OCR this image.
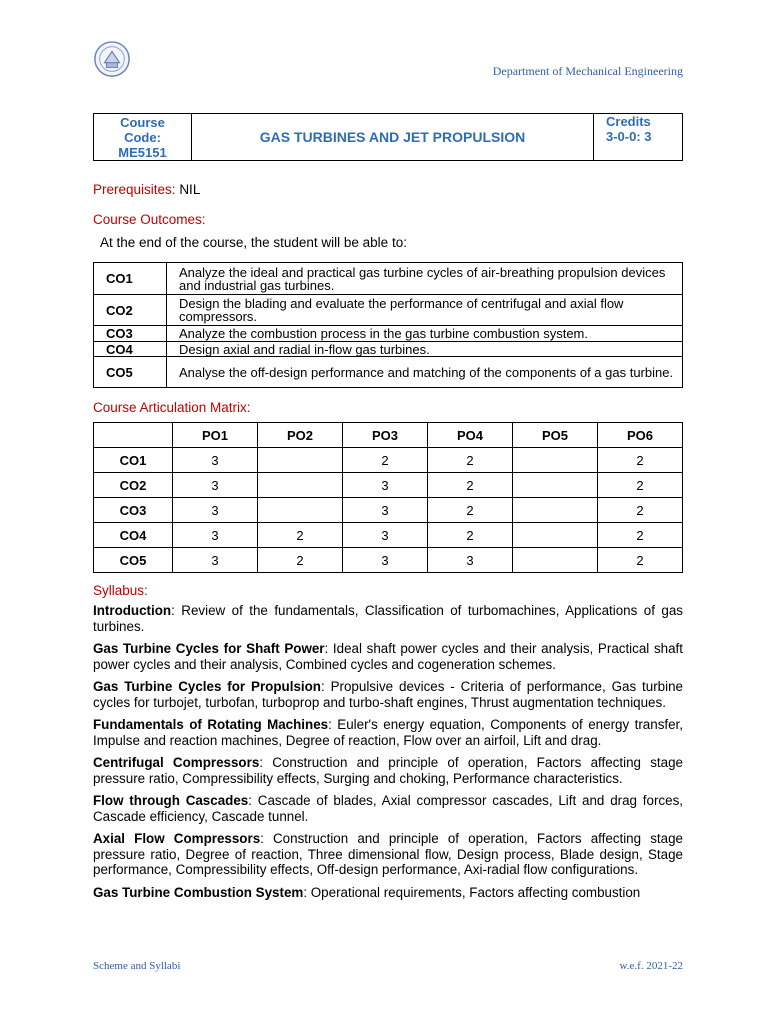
Department of Mechanical Engineering
Course
Code:
ME5151
	GAS TURBINES AND JET PROPULSION	
Credits
3-0-0: 3
Prerequisites: NIL
Course Outcomes:
At the end of the course, the student will be able to:
CO1	Analyze the ideal and practical gas turbine cycles of air-breathing propulsion devices and industrial gas turbines.
CO2	Design the blading and evaluate the performance of centrifugal and axial flow compressors.
CO3	Analyze the combustion process in the gas turbine combustion system.
CO4	Design axial and radial in-flow gas turbines.
CO5	Analyse the off-design performance and matching of the components of a gas turbine.
Course Articulation Matrix:
	PO1	PO2	PO3	PO4	PO5	PO6
CO1	3		2	2		2
CO2	3		3	2		2
CO3	3		3	2		2
CO4	3	2	3	2		2
CO5	3	2	3	3		2
Syllabus:

Introduction: Review of the fundamentals, Classification of turbomachines, Applications of gas turbines.

Gas Turbine Cycles for Shaft Power: Ideal shaft power cycles and their analysis, Practical shaft power cycles and their analysis, Combined cycles and cogeneration schemes.

Gas Turbine Cycles for Propulsion: Propulsive devices - Criteria of performance, Gas turbine cycles for turbojet, turbofan, turboprop and turbo-shaft engines, Thrust augmentation techniques.

Fundamentals of Rotating Machines: Euler's energy equation, Components of energy transfer, Impulse and reaction machines, Degree of reaction, Flow over an airfoil, Lift and drag.

Centrifugal Compressors: Construction and principle of operation, Factors affecting stage pressure ratio, Compressibility effects, Surging and choking, Performance characteristics.

Flow through Cascades: Cascade of blades, Axial compressor cascades, Lift and drag forces, Cascade efficiency, Cascade tunnel.

Axial Flow Compressors: Construction and principle of operation, Factors affecting stage pressure ratio, Degree of reaction, Three dimensional flow, Design process, Blade design, Stage performance, Compressibility effects, Off-design performance, Axi-radial flow configurations.

Gas Turbine Combustion System: Operational requirements, Factors affecting combustion

Scheme and Syllabi	w.e.f. 2021-22
